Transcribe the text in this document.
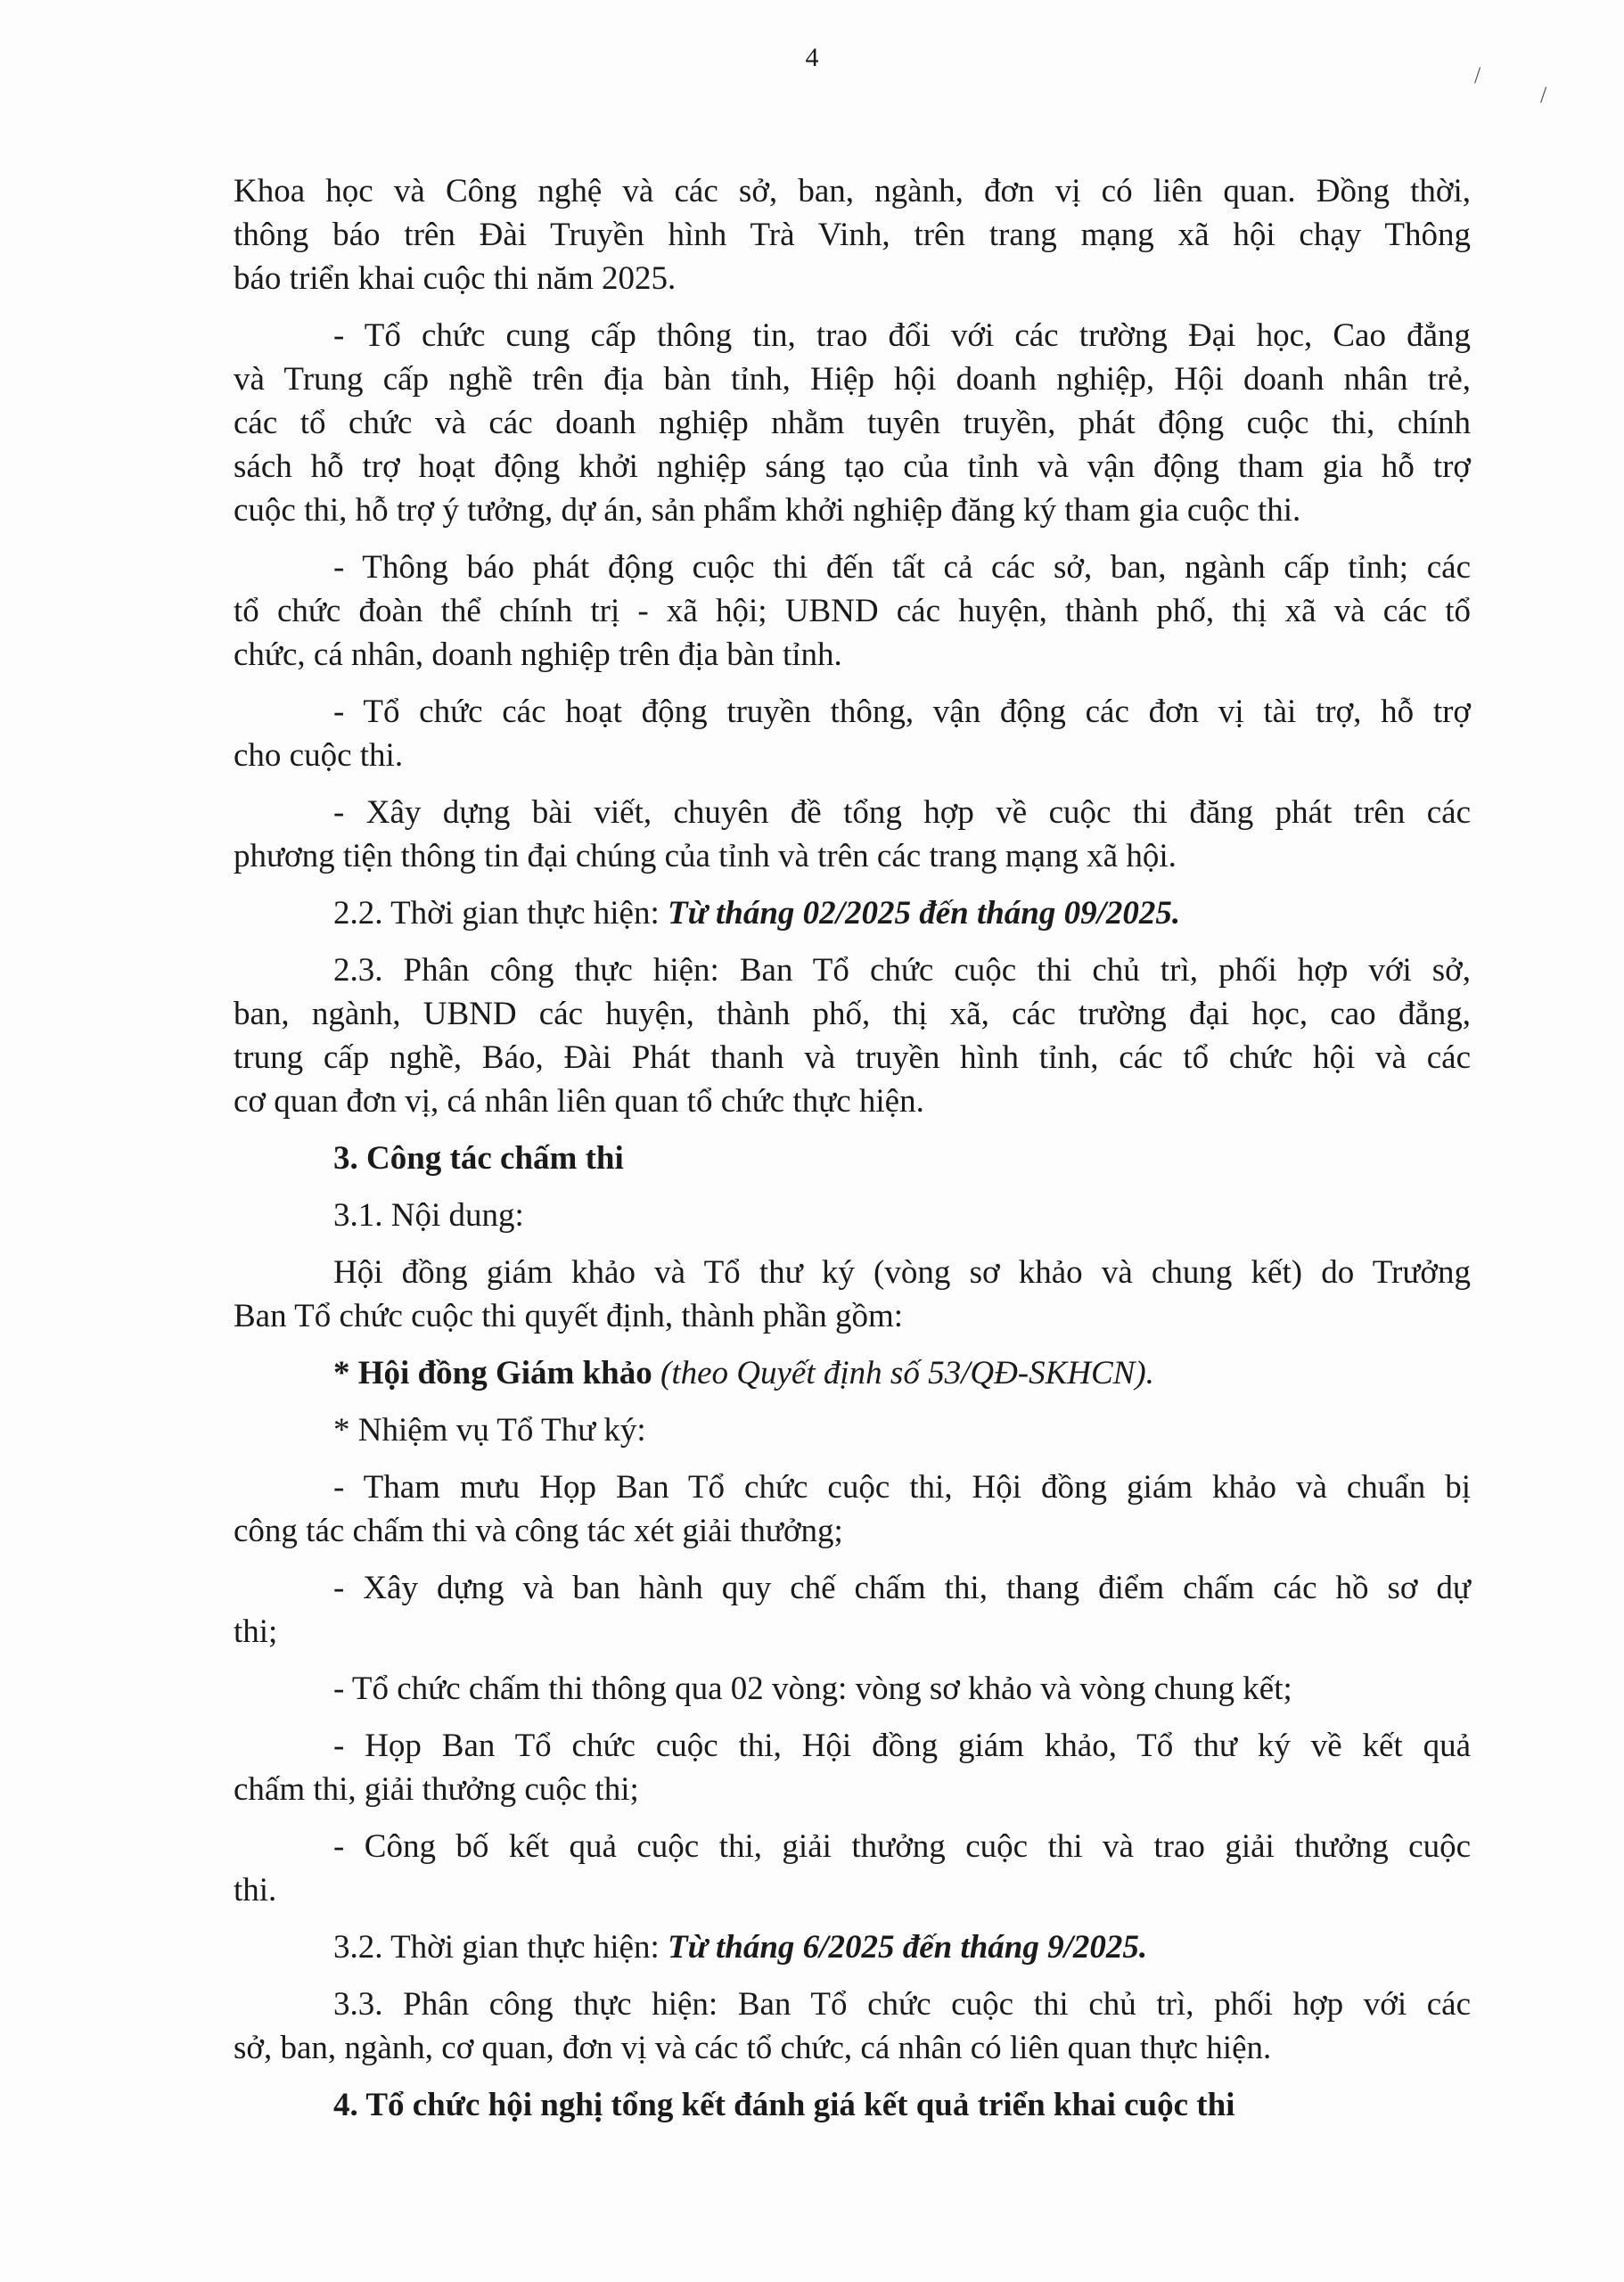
4
/
/
Khoa học và Công nghệ và các sở, ban, ngành, đơn vị có liên quan. Đồng thời,
thông báo trên Đài Truyền hình Trà Vinh, trên trang mạng xã hội chạy Thông
báo triển khai cuộc thi năm 2025.
- Tổ chức cung cấp thông tin, trao đổi với các trường Đại học, Cao đẳng
và Trung cấp nghề trên địa bàn tỉnh, Hiệp hội doanh nghiệp, Hội doanh nhân trẻ,
các tổ chức và các doanh nghiệp nhằm tuyên truyền, phát động cuộc thi, chính
sách hỗ trợ hoạt động khởi nghiệp sáng tạo của tỉnh và vận động tham gia hỗ trợ
cuộc thi, hỗ trợ ý tưởng, dự án, sản phẩm khởi nghiệp đăng ký tham gia cuộc thi.
- Thông báo phát động cuộc thi đến tất cả các sở, ban, ngành cấp tỉnh; các
tổ chức đoàn thể chính trị - xã hội; UBND các huyện, thành phố, thị xã và các tổ
chức, cá nhân, doanh nghiệp trên địa bàn tỉnh.
- Tổ chức các hoạt động truyền thông, vận động các đơn vị tài trợ, hỗ trợ
cho cuộc thi.
- Xây dựng bài viết, chuyên đề tổng hợp về cuộc thi đăng phát trên các
phương tiện thông tin đại chúng của tỉnh và trên các trang mạng xã hội.
2.2. Thời gian thực hiện: Từ tháng 02/2025 đến tháng 09/2025.
2.3. Phân công thực hiện: Ban Tổ chức cuộc thi chủ trì, phối hợp với sở,
ban, ngành, UBND các huyện, thành phố, thị xã, các trường đại học, cao đẳng,
trung cấp nghề, Báo, Đài Phát thanh và truyền hình tỉnh, các tổ chức hội và các
cơ quan đơn vị, cá nhân liên quan tổ chức thực hiện.
3. Công tác chấm thi
3.1. Nội dung:
Hội đồng giám khảo và Tổ thư ký (vòng sơ khảo và chung kết) do Trưởng
Ban Tổ chức cuộc thi quyết định, thành phần gồm:
* Hội đồng Giám khảo (theo Quyết định số 53/QĐ-SKHCN).
* Nhiệm vụ Tổ Thư ký:
- Tham mưu Họp Ban Tổ chức cuộc thi, Hội đồng giám khảo và chuẩn bị
công tác chấm thi và công tác xét giải thưởng;
- Xây dựng và ban hành quy chế chấm thi, thang điểm chấm các hồ sơ dự
thi;
- Tổ chức chấm thi thông qua 02 vòng: vòng sơ khảo và vòng chung kết;
- Họp Ban Tổ chức cuộc thi, Hội đồng giám khảo, Tổ thư ký về kết quả
chấm thi, giải thưởng cuộc thi;
- Công bố kết quả cuộc thi, giải thưởng cuộc thi và trao giải thưởng cuộc
thi.
3.2. Thời gian thực hiện: Từ tháng 6/2025 đến tháng 9/2025.
3.3. Phân công thực hiện: Ban Tổ chức cuộc thi chủ trì, phối hợp với các
sở, ban, ngành, cơ quan, đơn vị và các tổ chức, cá nhân có liên quan thực hiện.
4. Tổ chức hội nghị tổng kết đánh giá kết quả triển khai cuộc thi
